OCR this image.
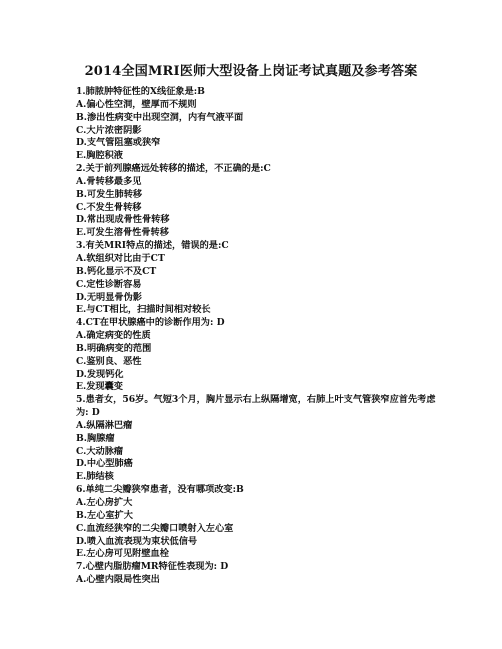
2014全国MRI医师大型设备上岗证考试真题及参考答案
1.肺脓肿特征性的X线征象是:B
A.偏心性空洞，壁厚而不规则
B.渗出性病变中出现空洞，内有气液平面
C.大片浓密阴影
D.支气管阻塞或狭窄
E.胸腔积液
2.关于前列腺癌远处转移的描述，不正确的是:C
A.骨转移最多见
B.可发生肺转移
C.不发生骨转移
D.常出现成骨性骨转移
E.可发生溶骨性骨转移
3.有关MRI特点的描述，错误的是:C
A.软组织对比由于CT
B.钙化显示不及CT
C.定性诊断容易
D.无明显骨伪影
E.与CT相比，扫描时间相对较长
4.CT在甲状腺癌中的诊断作用为: D
A.确定病变的性质
B.明确病变的范围
C.鉴别良、恶性
D.发现钙化
E.发现囊变
5.患者女，56岁。气短3个月，胸片显示右上纵隔增宽，右肺上叶支气管狭窄应首先考虑为: D
A.纵隔淋巴瘤
B.胸腺瘤
C.大动脉瘤
D.中心型肺癌
E.肺结核
6.单纯二尖瓣狭窄患者，没有哪项改变:B
A.左心房扩大
B.左心室扩大
C.血流经狭窄的二尖瓣口喷射入左心室
D.喷入血流表现为束状低信号
E.左心房可见附壁血栓
7.心壁内脂肪瘤MR特征性表现为: D
A.心壁内限局性突出
